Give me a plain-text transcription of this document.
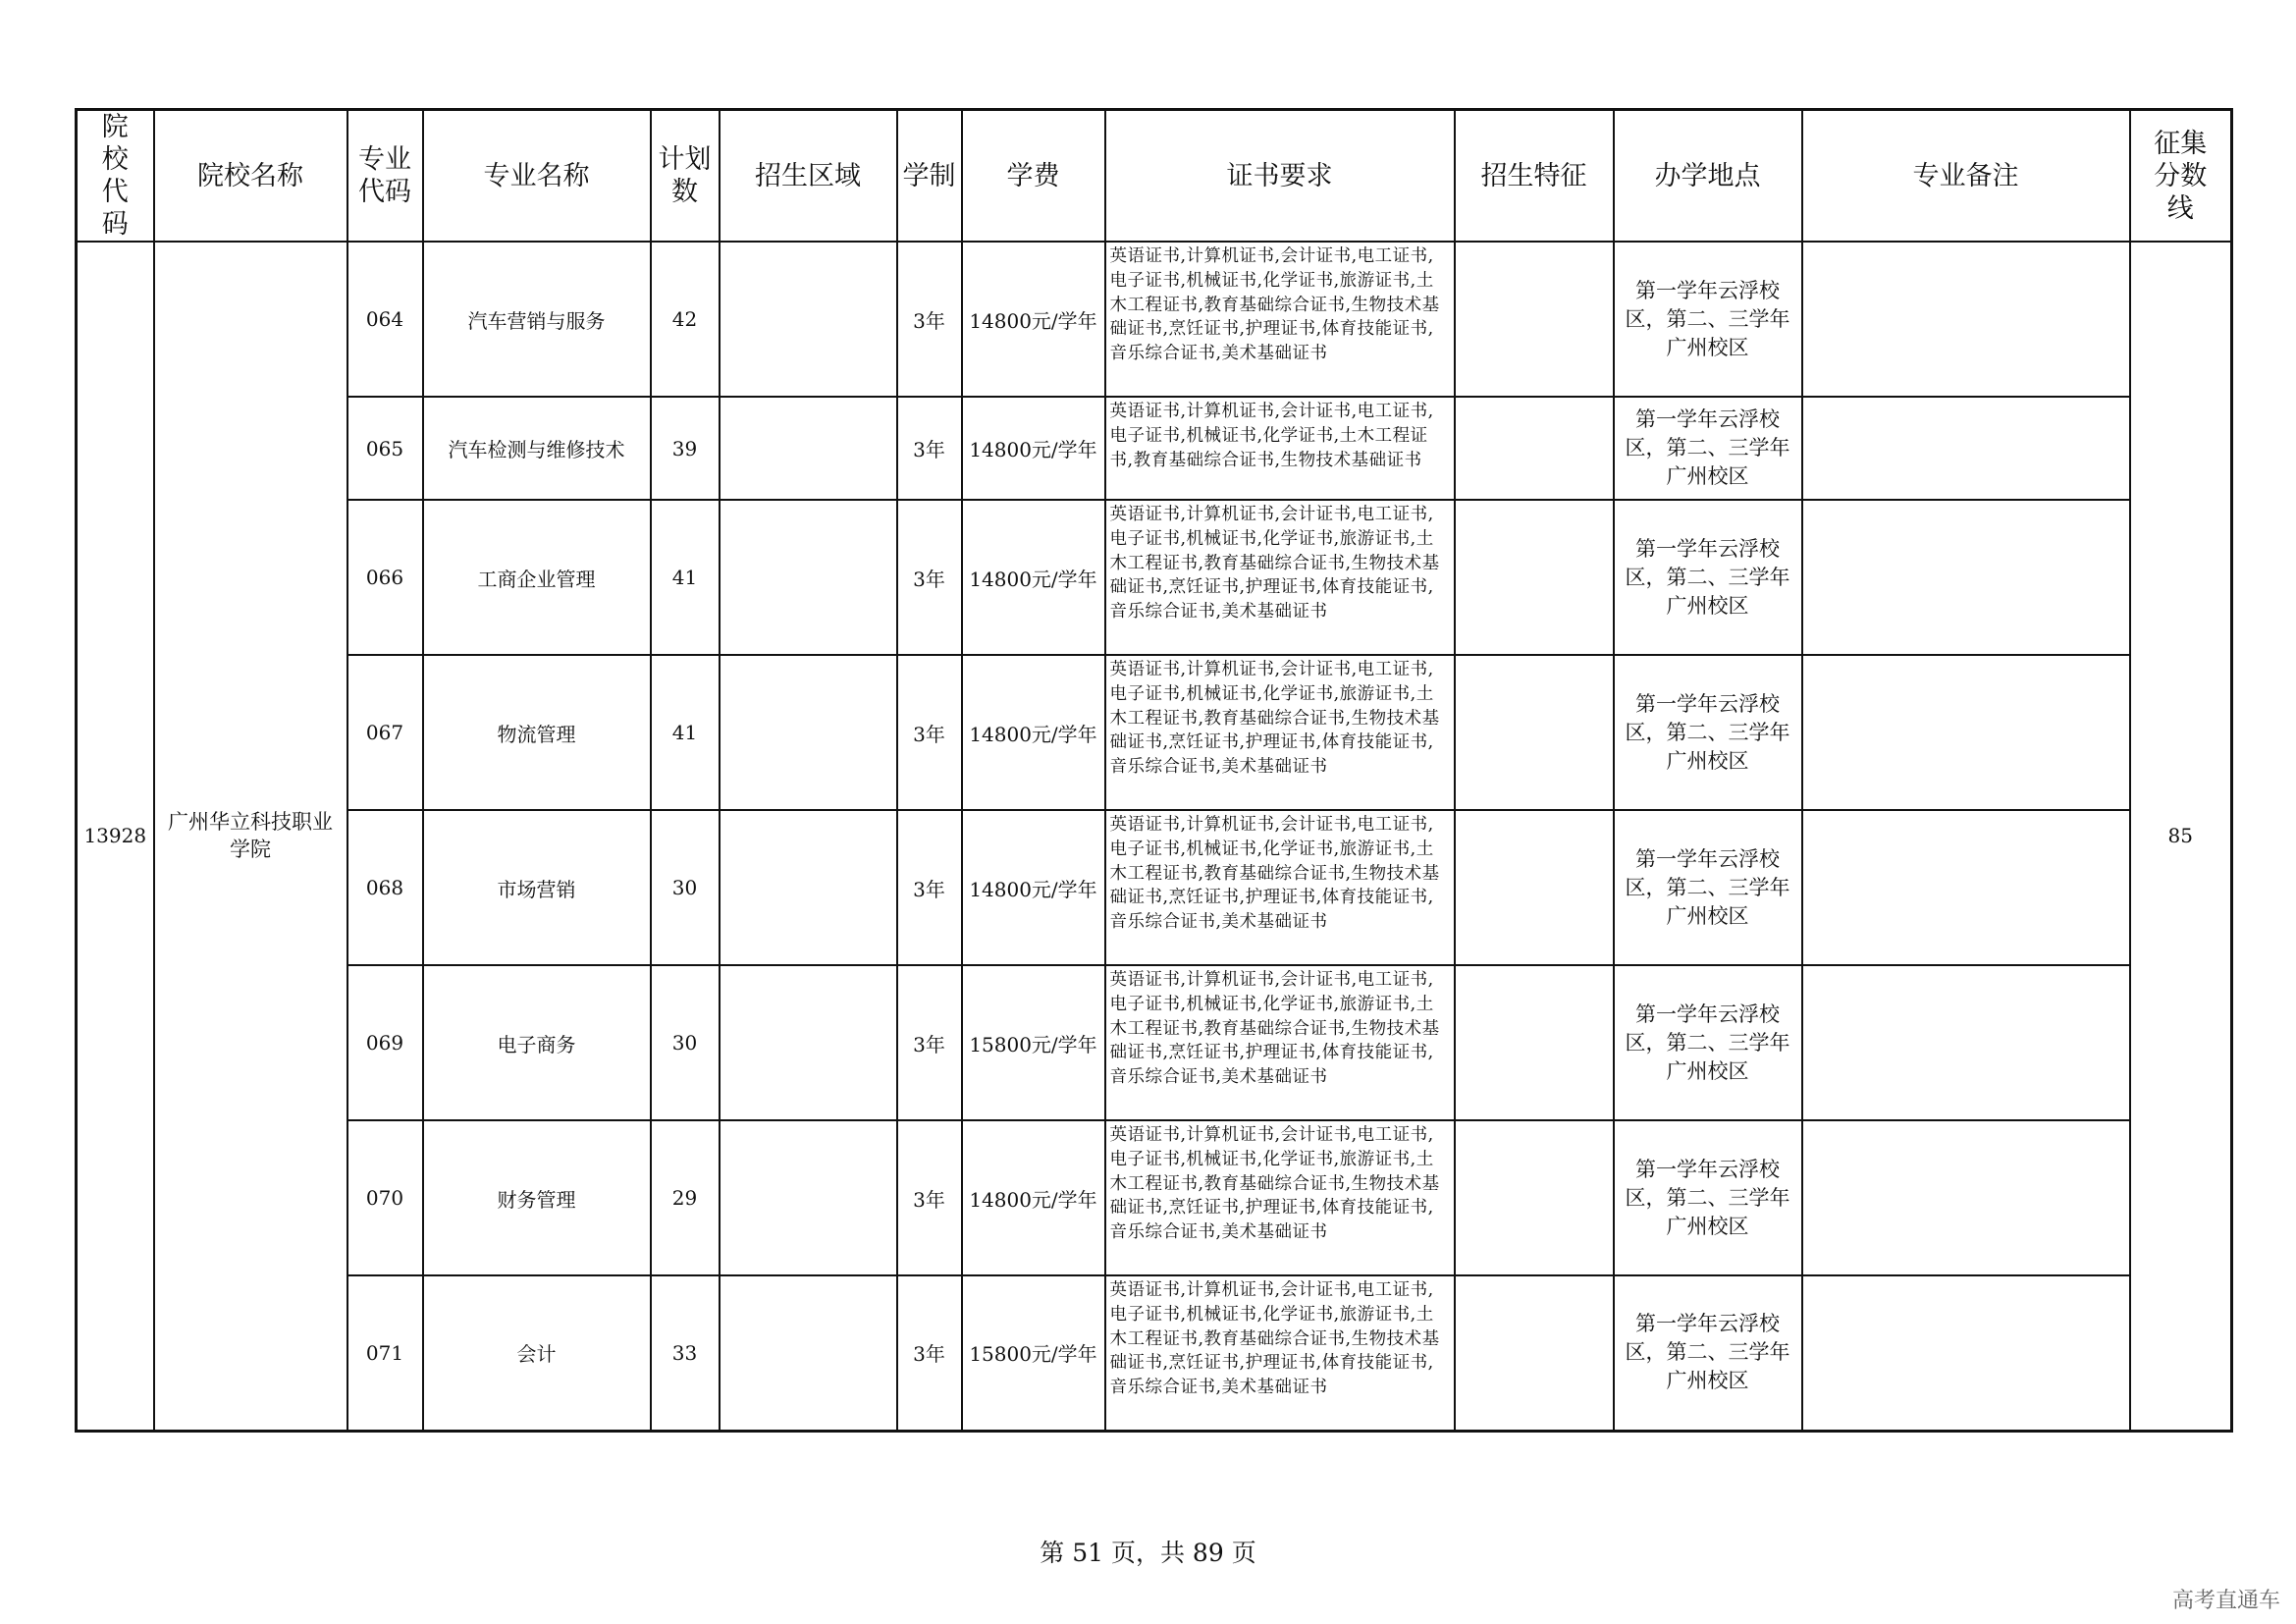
院校代码	院校名称	专业代码	专业名称	计划数	招生区域	学制	学费	证书要求	招生特征	办学地点	专业备注	征集分数线
13928	广州华立科技职业学院	064	汽车营销与服务	42		3年	14800元/学年	英语证书,计算机证书,会计证书,电工证书,电子证书,机械证书,化学证书,旅游证书,土木工程证书,教育基础综合证书,生物技术基础证书,烹饪证书,护理证书,体育技能证书,音乐综合证书,美术基础证书		第一学年云浮校区，第二、三学年广州校区		85
		065	汽车检测与维修技术	39		3年	14800元/学年	英语证书,计算机证书,会计证书,电工证书,电子证书,机械证书,化学证书,土木工程证书,教育基础综合证书,生物技术基础证书		第一学年云浮校区，第二、三学年广州校区		
		066	工商企业管理	41		3年	14800元/学年	英语证书,计算机证书,会计证书,电工证书,电子证书,机械证书,化学证书,旅游证书,土木工程证书,教育基础综合证书,生物技术基础证书,烹饪证书,护理证书,体育技能证书,音乐综合证书,美术基础证书		第一学年云浮校区，第二、三学年广州校区		
		067	物流管理	41		3年	14800元/学年	英语证书,计算机证书,会计证书,电工证书,电子证书,机械证书,化学证书,旅游证书,土木工程证书,教育基础综合证书,生物技术基础证书,烹饪证书,护理证书,体育技能证书,音乐综合证书,美术基础证书		第一学年云浮校区，第二、三学年广州校区		
		068	市场营销	30		3年	14800元/学年	英语证书,计算机证书,会计证书,电工证书,电子证书,机械证书,化学证书,旅游证书,土木工程证书,教育基础综合证书,生物技术基础证书,烹饪证书,护理证书,体育技能证书,音乐综合证书,美术基础证书		第一学年云浮校区，第二、三学年广州校区		
		069	电子商务	30		3年	15800元/学年	英语证书,计算机证书,会计证书,电工证书,电子证书,机械证书,化学证书,旅游证书,土木工程证书,教育基础综合证书,生物技术基础证书,烹饪证书,护理证书,体育技能证书,音乐综合证书,美术基础证书		第一学年云浮校区，第二、三学年广州校区		
		070	财务管理	29		3年	14800元/学年	英语证书,计算机证书,会计证书,电工证书,电子证书,机械证书,化学证书,旅游证书,土木工程证书,教育基础综合证书,生物技术基础证书,烹饪证书,护理证书,体育技能证书,音乐综合证书,美术基础证书		第一学年云浮校区，第二、三学年广州校区		
		071	会计	33		3年	15800元/学年	英语证书,计算机证书,会计证书,电工证书,电子证书,机械证书,化学证书,旅游证书,土木工程证书,教育基础综合证书,生物技术基础证书,烹饪证书,护理证书,体育技能证书,音乐综合证书,美术基础证书		第一学年云浮校区，第二、三学年广州校区		
第 51 页，共 89 页
高考直通车
